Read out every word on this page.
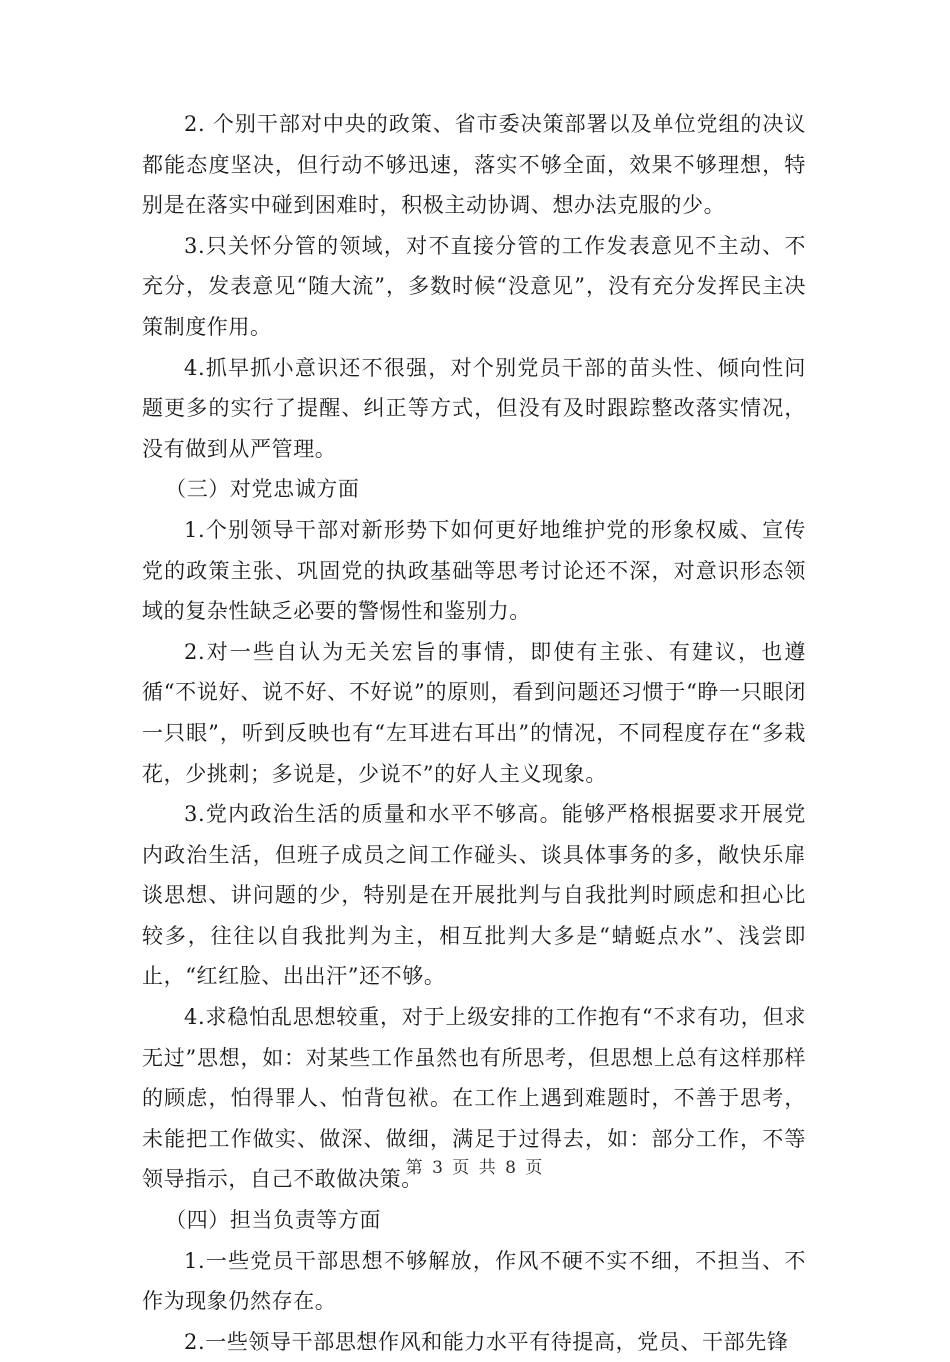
2. 个别干部对中央的政策、省市委决策部署以及单位党组的决议都能态度坚决，但行动不够迅速，落实不够全面，效果不够理想，特别是在落实中碰到困难时，积极主动协调、想办法克服的少。

3.只关怀分管的领域，对不直接分管的工作发表意见不主动、不充分，发表意见“随大流”，多数时候“没意见”，没有充分发挥民主决策制度作用。

4.抓早抓小意识还不很强，对个别党员干部的苗头性、倾向性问题更多的实行了提醒、纠正等方式，但没有及时跟踪整改落实情况，没有做到从严管理。

（三）对党忠诚方面

1.个别领导干部对新形势下如何更好地维护党的形象权威、宣传党的政策主张、巩固党的执政基础等思考讨论还不深，对意识形态领域的复杂性缺乏必要的警惕性和鉴别力。

2.对一些自认为无关宏旨的事情，即使有主张、有建议，也遵循“不说好、说不好、不好说”的原则，看到问题还习惯于“睁一只眼闭一只眼”，听到反映也有“左耳进右耳出”的情况，不同程度存在“多栽花，少挑刺；多说是，少说不”的好人主义现象。

3.党内政治生活的质量和水平不够高。能够严格根据要求开展党内政治生活，但班子成员之间工作碰头、谈具体事务的多，敞快乐扉谈思想、讲问题的少，特别是在开展批判与自我批判时顾虑和担心比较多，往往以自我批判为主，相互批判大多是“蜻蜓点水”、浅尝即止，“红红脸、出出汗”还不够。

4.求稳怕乱思想较重，对于上级安排的工作抱有“不求有功，但求无过”思想，如：对某些工作虽然也有所思考，但思想上总有这样那样的顾虑，怕得罪人、怕背包袱。在工作上遇到难题时，不善于思考，未能把工作做实、做深、做细，满足于过得去，如：部分工作，不等领导指示，自己不敢做决策。

（四）担当负责等方面

1.一些党员干部思想不够解放，作风不硬不实不细，不担当、不作为现象仍然存在。

2.一些领导干部思想作风和能力水平有待提高，党员、干部先锋

第 3 页 共 8 页
